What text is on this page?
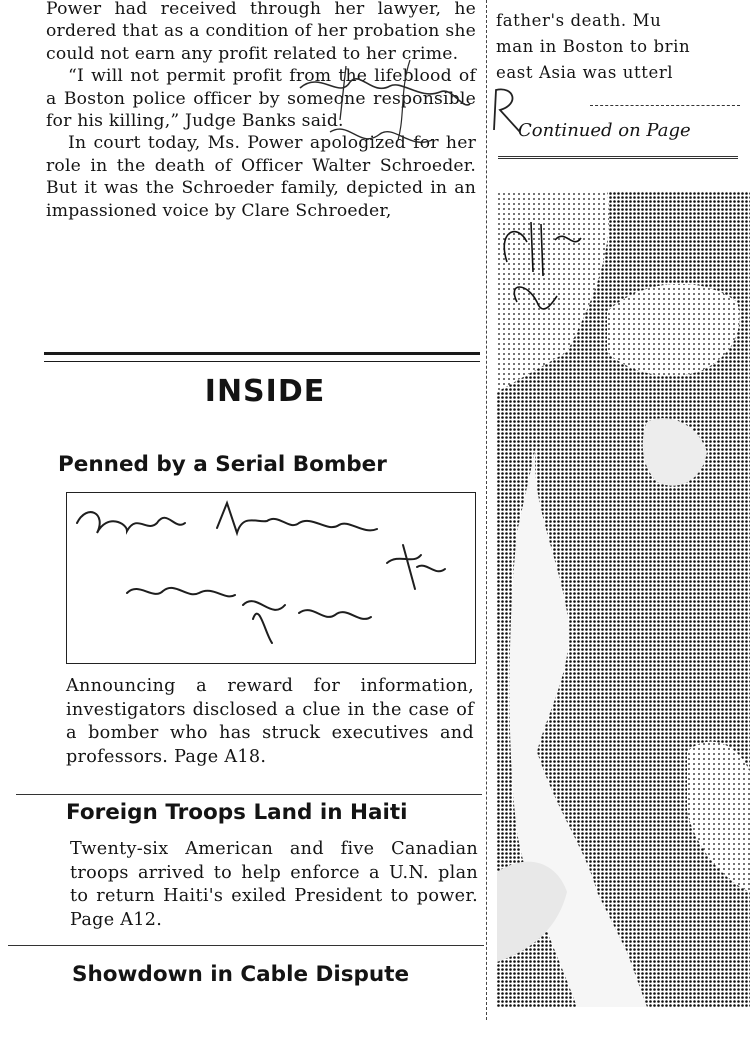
Power had received through her lawyer, he ordered that as a condition of her probation she could not earn any profit related to her crime.

“I will not permit profit from the lifeblood of a Boston police officer by someone responsible for his killing,” Judge Banks said.

In court today, Ms. Power apologized for her role in the death of Officer Walter Schroeder. But it was the Schroeder family, depicted in an impassioned voice by Clare Schroeder,

INSIDE
Penned by a Serial Bomber
Announcing a reward for information, investigators disclosed a clue in the case of a bomber who has struck executives and professors. Page A18.
Foreign Troops Land in Haiti
Twenty-six American and five Canadian troops arrived to help enforce a U.N. plan to return Haiti's exiled President to power. Page A12.
Showdown in Cable Dispute
father's death. Mu
man in Boston to brin
east Asia was utterl
Continued on Page
